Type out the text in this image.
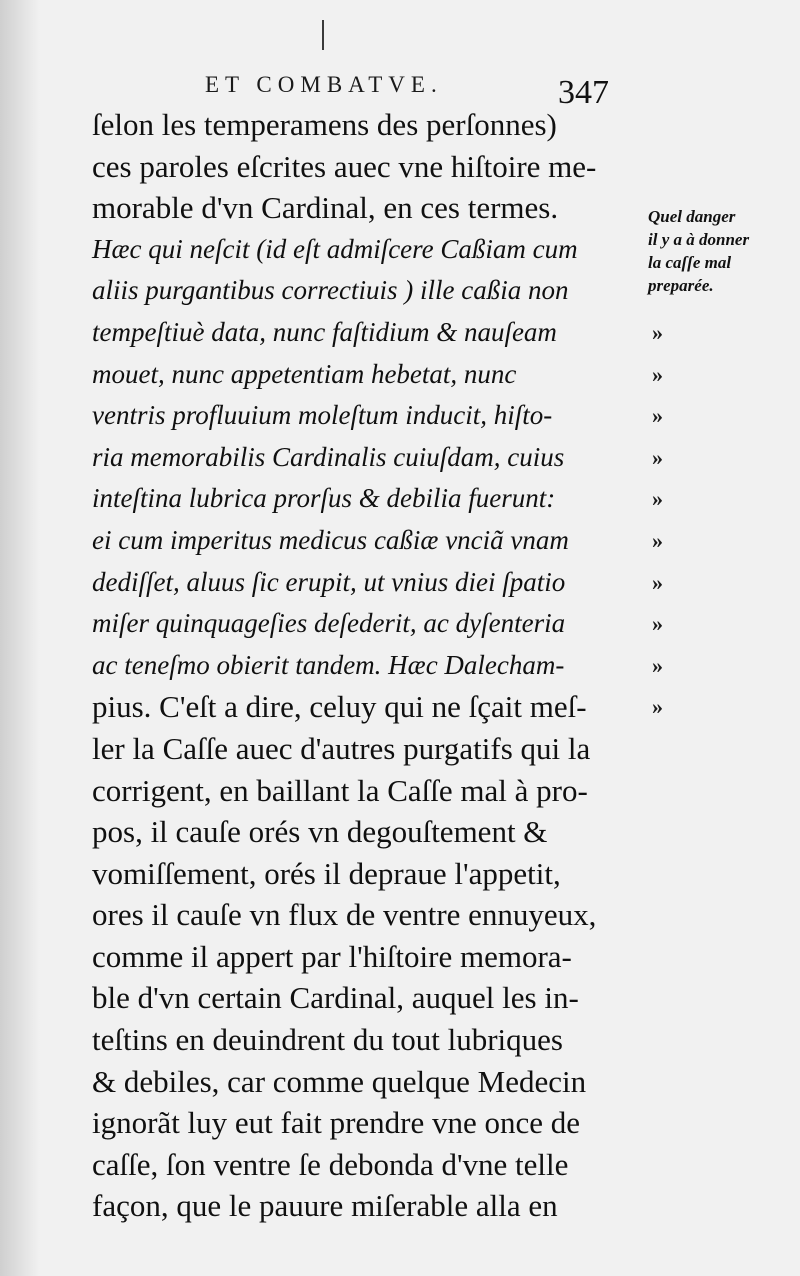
ET COMBATVE.	347
ſelon les temperamens des perſonnes)
ces paroles eſcrites auec vne hiſtoire me-
morable d'vn Cardinal, en ces termes.
Hæc qui neſcit (id eſt admiſcere Caßiam cum
aliis purgantibus correctiuis ) ille caßia non
tempeſtiuè data, nunc faſtidium & nauſeam
mouet, nunc appetentiam hebetat, nunc
ventris profluuium moleſtum inducit, hiſto-
ria memorabilis Cardinalis cuiuſdam, cuius
inteſtina lubrica prorſus & debilia fuerunt:
ei cum imperitus medicus caßiæ vnciã vnam
dediſſet, aluus ſic erupit, ut vnius diei ſpatio
miſer quinquageſies deſederit, ac dyſenteria
ac teneſmo obierit tandem. Hæc Dalecham-
pius. C'eſt a dire, celuy qui ne ſçait meſ-
ler la Caſſe auec d'autres purgatifs qui la
corrigent, en baillant la Caſſe mal à pro-
pos, il cauſe orés vn degouſtement &
vomiſſement, orés il depraue l'appetit,
ores il cauſe vn flux de ventre ennuyeux,
comme il appert par l'hiſtoire memora-
ble d'vn certain Cardinal, auquel les in-
teſtins en deuindrent du tout lubriques
& debiles, car comme quelque Medecin
ignorãt luy eut fait prendre vne once de
caſſe, ſon ventre ſe debonda d'vne telle
façon, que le pauure miſerable alla en
»
»
»
»
»
»
»
»
»
»
Quel danger
il y a à donner
la caſſe mal
preparée.
